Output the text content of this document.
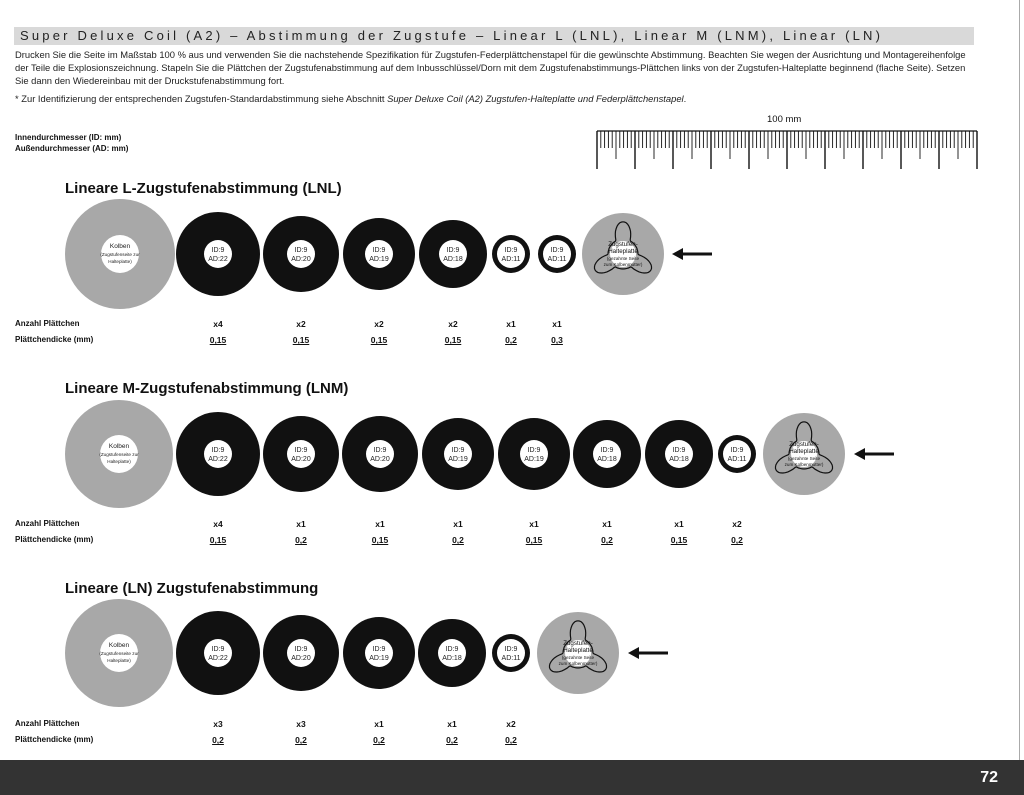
Super Deluxe Coil (A2) – Abstimmung der Zugstufe – Linear L (LNL), Linear M (LNM), Linear (LN)
Drucken Sie die Seite im Maßstab 100 % aus und verwenden Sie die nachstehende Spezifikation für Zugstufen-Federplättchenstapel für die gewünschte Abstimmung. Beachten Sie wegen der Ausrichtung und Montagereihenfolge der Teile die Explosionszeichnung. Stapeln Sie die Plättchen der Zugstufenabstimmung auf dem Inbusschlüssel/Dorn mit dem Zugstufenabstimmungs-Plättchen links von der Zugstufen-Halteplatte beginnend (flache Seite). Setzen Sie dann den Wiedereinbau mit der Druckstufenabstimmung fort.
* Zur Identifizierung der entsprechenden Zugstufen-Standardabstimmung siehe Abschnitt Super Deluxe Coil (A2) Zugstufen-Halteplatte und Federplättchenstapel.
Innendurchmesser (ID: mm)
Außendurchmesser (AD: mm)
100 mm
Lineare L-Zugstufenabstimmung (LNL)
Kolben
(Zugstufenseite zur
Halteplatte)
ID:9
AD:22
ID:9
AD:20
ID:9
AD:19
ID:9
AD:18
ID:9
AD:11
ID:9
AD:11
Zugstufen-
Halteplatte
(gezahnte Seite
zum Kolbenmutter)
Anzahl Plättchen
Plättchendicke (mm)
x4
0,15
x2
0,15
x2
0,15
x2
0,15
x1
0,2
x1
0,3
Lineare M-Zugstufenabstimmung (LNM)
Kolben
(Zugstufenseite zur
Halteplatte)
ID:9
AD:22
ID:9
AD:20
ID:9
AD:20
ID:9
AD:19
ID:9
AD:19
ID:9
AD:18
ID:9
AD:18
ID:9
AD:11
Zugstufen-
Halteplatte
(gezahnte Seite
zum Kolbenmutter)
Anzahl Plättchen
Plättchendicke (mm)
x4
0,15
x1
0,2
x1
0,15
x1
0,2
x1
0,15
x1
0,2
x1
0,15
x2
0,2
Lineare (LN) Zugstufenabstimmung
Kolben
(Zugstufenseite zur
Halteplatte)
ID:9
AD:22
ID:9
AD:20
ID:9
AD:19
ID:9
AD:18
ID:9
AD:11
Zugstufen-
Halteplatte
(gezahnte Seite
zum Kolbenmutter)
Anzahl Plättchen
Plättchendicke (mm)
x3
0,2
x3
0,2
x1
0,2
x1
0,2
x2
0,2
72
